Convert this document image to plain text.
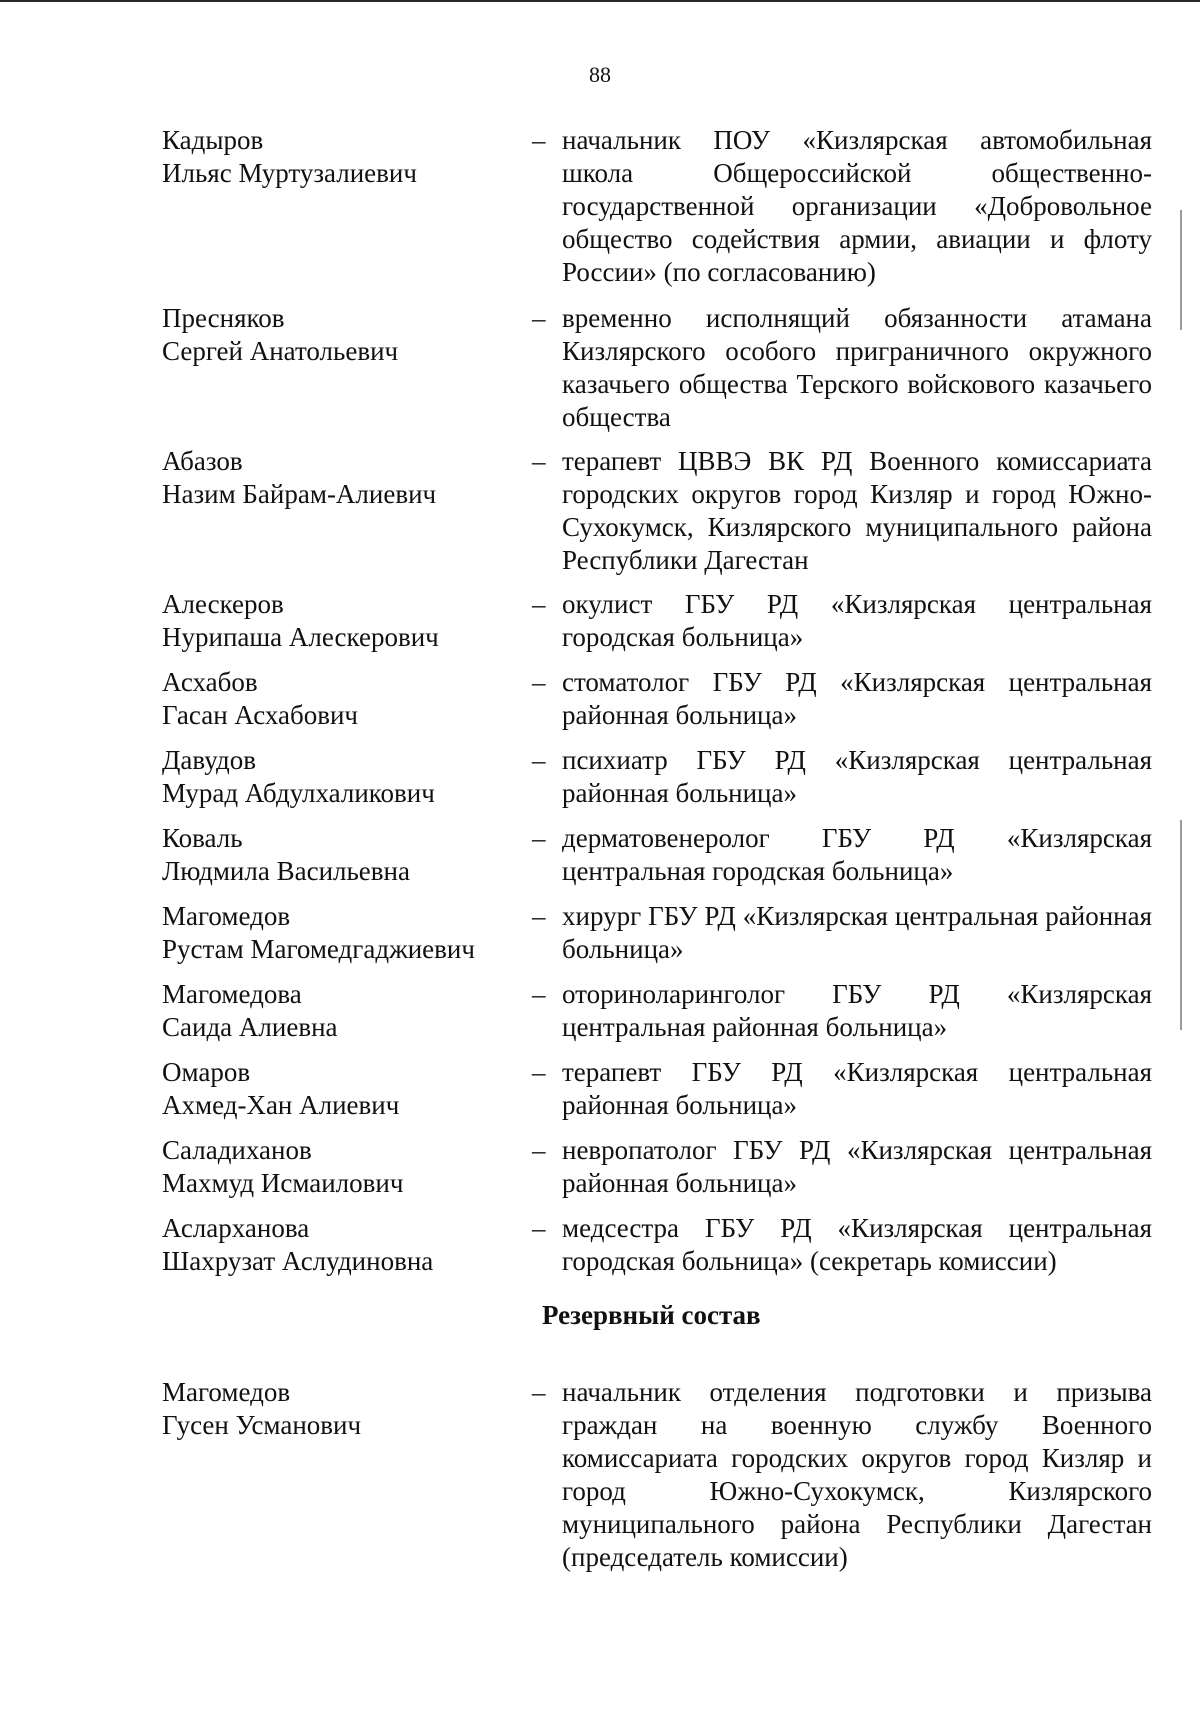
88
Кадыров
Ильяс Муртузалиевич
– начальник ПОУ «Кизлярская автомобильная школа Общероссийской общественно-государственной организации «Добровольное общество содействия армии, авиации и флоту России» (по согласованию)
Пресняков
Сергей Анатольевич
– временно исполнящий обязанности атамана Кизлярского особого приграничного окружного казачьего общества Терского войскового казачьего общества
Абазов
Назим Байрам-Алиевич
– терапевт ЦВВЭ ВК РД Военного комиссариата городских округов город Кизляр и город Южно-Сухокумск, Кизлярского муниципального района Республики Дагестан
Алескеров
Нурипаша Алескерович
– окулист ГБУ РД «Кизлярская центральная городская больница»
Асхабов
Гасан Асхабович
– стоматолог ГБУ РД «Кизлярская центральная районная больница»
Давудов
Мурад Абдулхаликович
– психиатр ГБУ РД «Кизлярская центральная районная больница»
Коваль
Людмила Васильевна
– дерматовенеролог ГБУ РД «Кизлярская центральная городская больница»
Магомедов
Рустам Магомедгаджиевич
– хирург ГБУ РД «Кизлярская центральная районная больница»
Магомедова
Саида Алиевна
– оториноларинголог ГБУ РД «Кизлярская центральная районная больница»
Омаров
Ахмед-Хан Алиевич
– терапевт ГБУ РД «Кизлярская центральная районная больница»
Саладиханов
Махмуд Исмаилович
– невропатолог ГБУ РД «Кизлярская центральная районная больница»
Асларханова
Шахрузат Аслудиновна
– медсестра ГБУ РД «Кизлярская центральная городская больница» (секретарь комиссии)
Резервный состав
Магомедов
Гусен Усманович
– начальник отделения подготовки и призыва граждан на военную службу Военного комиссариата городских округов город Кизляр и город Южно-Сухокумск, Кизлярского муниципального района Республики Дагестан (председатель комиссии)
